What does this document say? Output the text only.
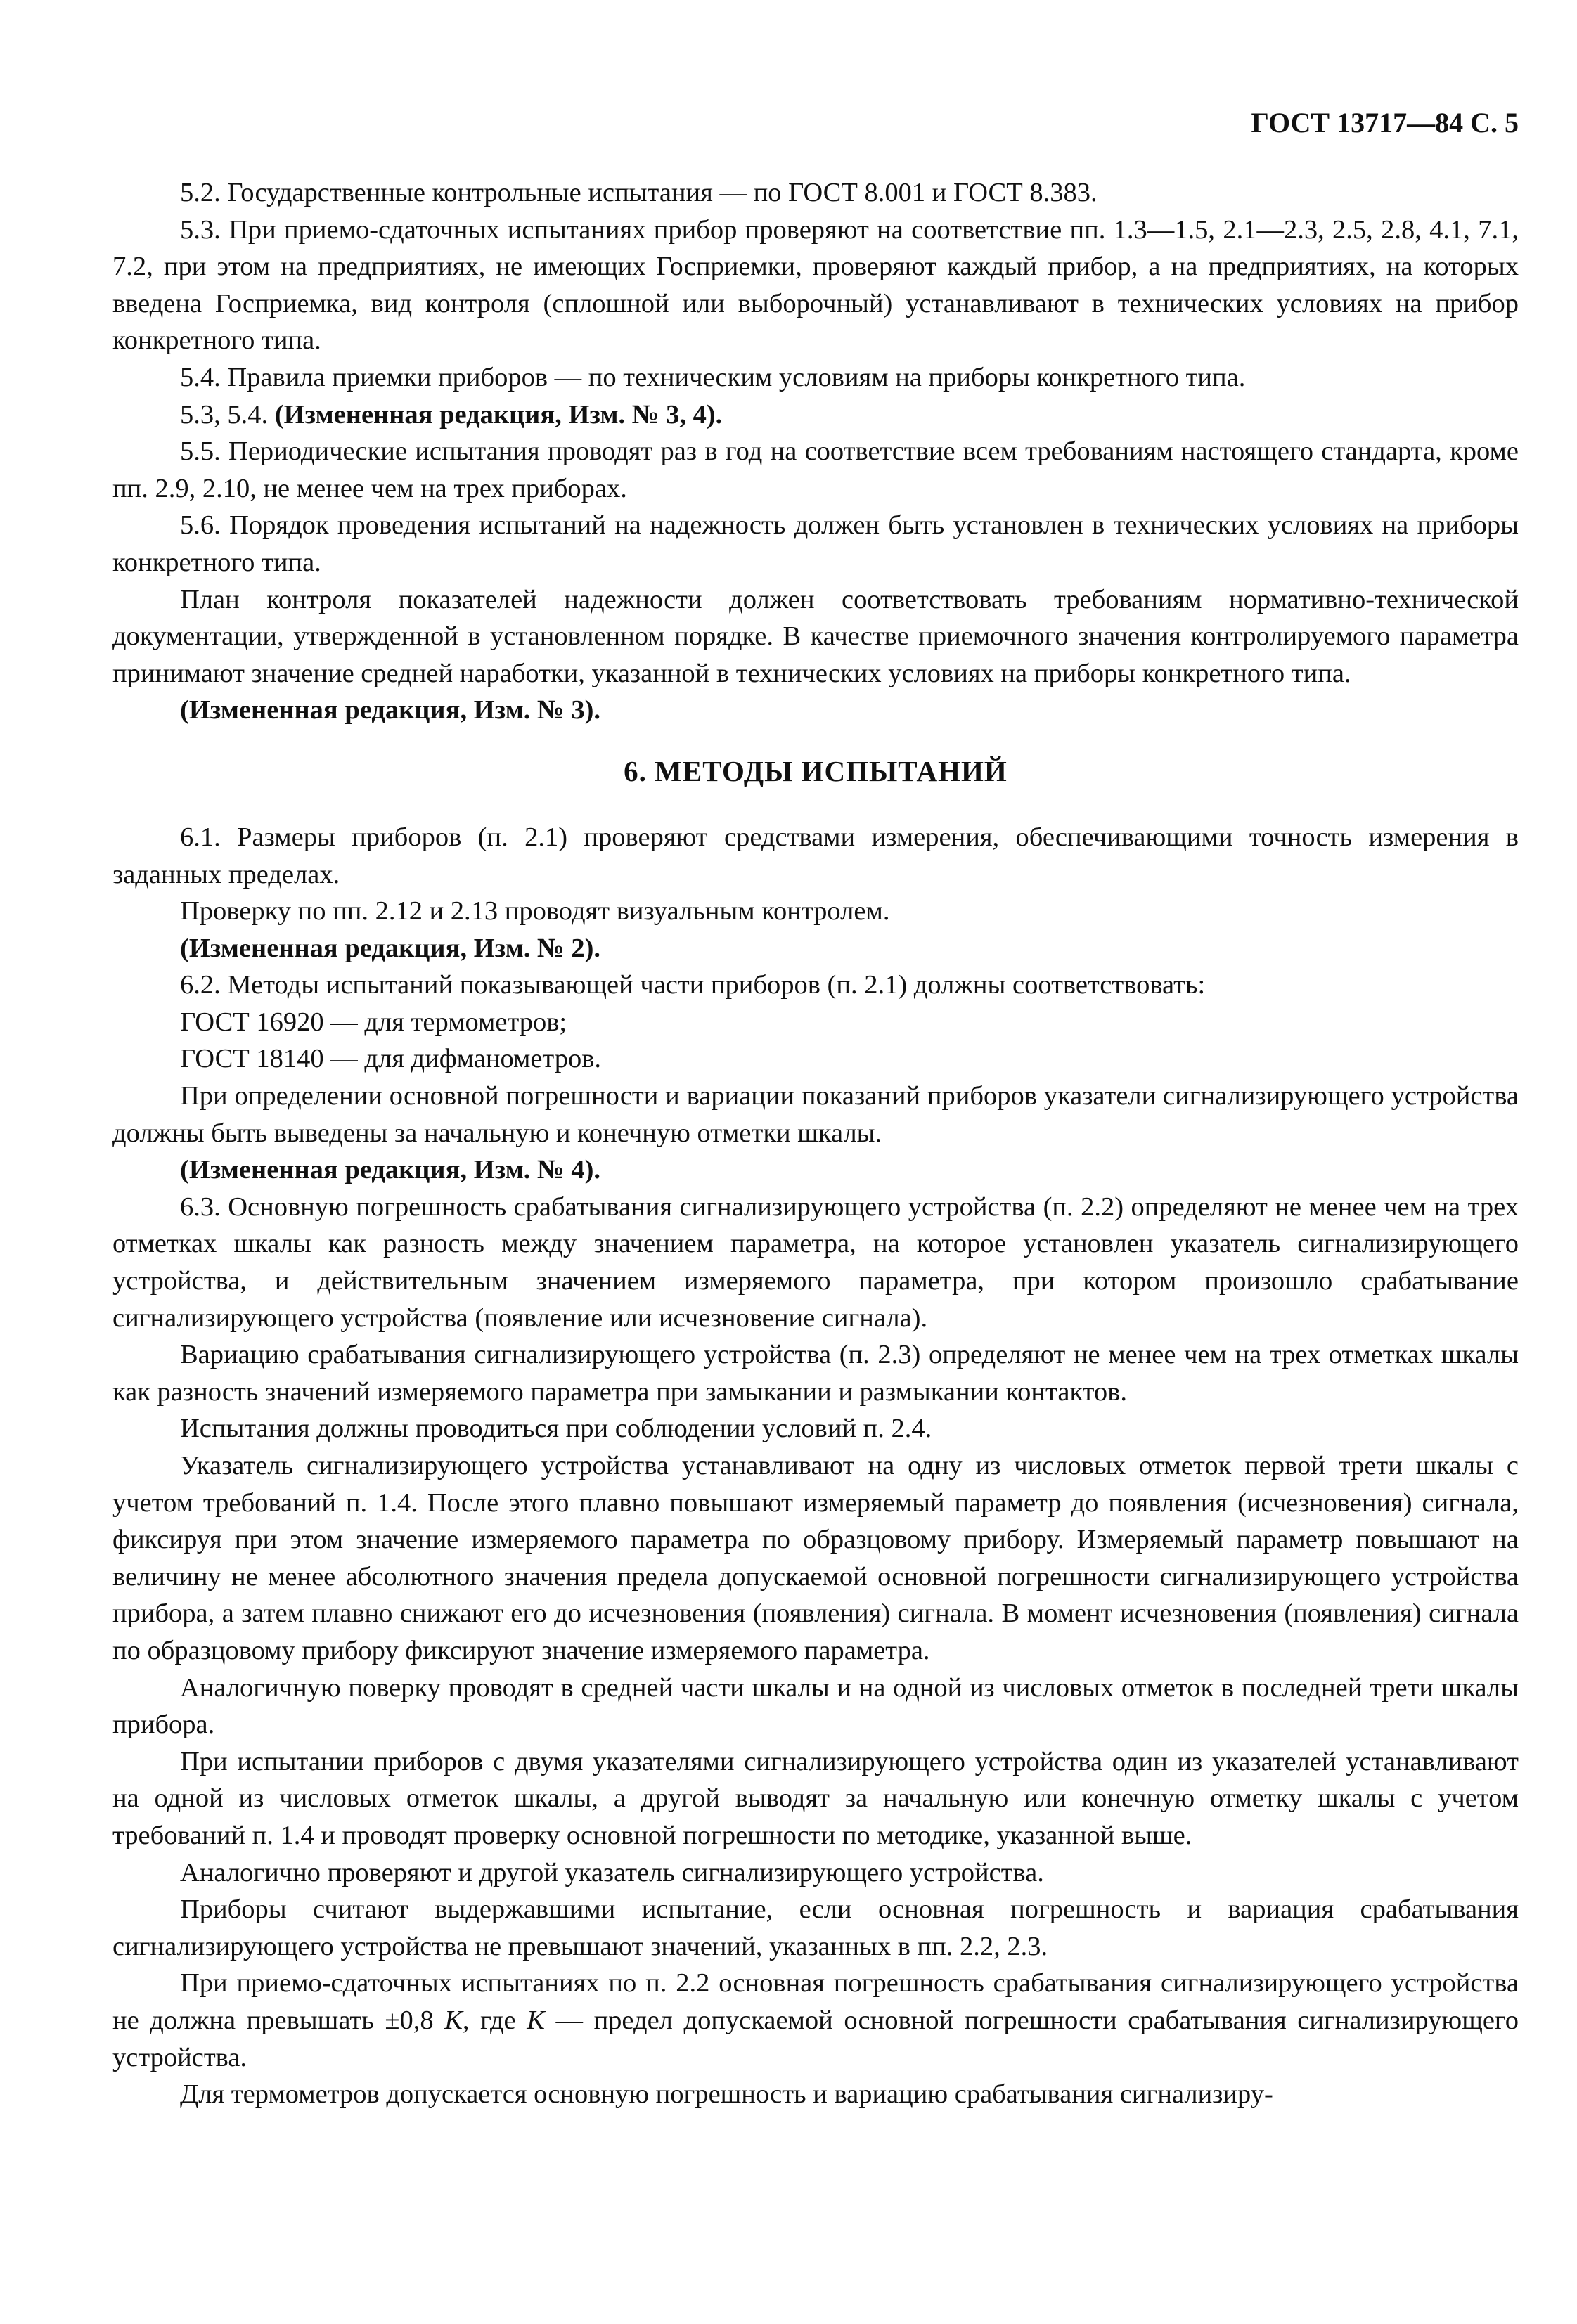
ГОСТ 13717—84 С. 5

5.2. Государственные контрольные испытания — по ГОСТ 8.001 и ГОСТ 8.383.

5.3. При приемо-сдаточных испытаниях прибор проверяют на соответствие пп. 1.3—1.5, 2.1—2.3, 2.5, 2.8, 4.1, 7.1, 7.2, при этом на предприятиях, не имеющих Госприемки, проверяют каждый прибор, а на предприятиях, на которых введена Госприемка, вид контроля (сплошной или выборочный) устанавливают в технических условиях на прибор конкретного типа.

5.4. Правила приемки приборов — по техническим условиям на приборы конкретного типа.

5.3, 5.4. (Измененная редакция, Изм. № 3, 4).

5.5. Периодические испытания проводят раз в год на соответствие всем требованиям настоящего стандарта, кроме пп. 2.9, 2.10, не менее чем на трех приборах.

5.6. Порядок проведения испытаний на надежность должен быть установлен в технических условиях на приборы конкретного типа.

План контроля показателей надежности должен соответствовать требованиям нормативно-технической документации, утвержденной в установленном порядке. В качестве приемочного значения контролируемого параметра принимают значение средней наработки, указанной в технических условиях на приборы конкретного типа.

(Измененная редакция, Изм. № 3).

6. МЕТОДЫ ИСПЫТАНИЙ

6.1. Размеры приборов (п. 2.1) проверяют средствами измерения, обеспечивающими точность измерения в заданных пределах.

Проверку по пп. 2.12 и 2.13 проводят визуальным контролем.

(Измененная редакция, Изм. № 2).

6.2. Методы испытаний показывающей части приборов (п. 2.1) должны соответствовать:

ГОСТ 16920 — для термометров;

ГОСТ 18140 — для дифманометров.

При определении основной погрешности и вариации показаний приборов указатели сигнализирующего устройства должны быть выведены за начальную и конечную отметки шкалы.

(Измененная редакция, Изм. № 4).

6.3. Основную погрешность срабатывания сигнализирующего устройства (п. 2.2) определяют не менее чем на трех отметках шкалы как разность между значением параметра, на которое установлен указатель сигнализирующего устройства, и действительным значением измеряемого параметра, при котором произошло срабатывание сигнализирующего устройства (появление или исчезновение сигнала).

Вариацию срабатывания сигнализирующего устройства (п. 2.3) определяют не менее чем на трех отметках шкалы как разность значений измеряемого параметра при замыкании и размыкании контактов.

Испытания должны проводиться при соблюдении условий п. 2.4.

Указатель сигнализирующего устройства устанавливают на одну из числовых отметок первой трети шкалы с учетом требований п. 1.4. После этого плавно повышают измеряемый параметр до появления (исчезновения) сигнала, фиксируя при этом значение измеряемого параметра по образцовому прибору. Измеряемый параметр повышают на величину не менее абсолютного значения предела допускаемой основной погрешности сигнализирующего устройства прибора, а затем плавно снижают его до исчезновения (появления) сигнала. В момент исчезновения (появления) сигнала по образцовому прибору фиксируют значение измеряемого параметра.

Аналогичную поверку проводят в средней части шкалы и на одной из числовых отметок в последней трети шкалы прибора.

При испытании приборов с двумя указателями сигнализирующего устройства один из указателей устанавливают на одной из числовых отметок шкалы, а другой выводят за начальную или конечную отметку шкалы с учетом требований п. 1.4 и проводят проверку основной погрешности по методике, указанной выше.

Аналогично проверяют и другой указатель сигнализирующего устройства.

Приборы считают выдержавшими испытание, если основная погрешность и вариация срабатывания сигнализирующего устройства не превышают значений, указанных в пп. 2.2, 2.3.

При приемо-сдаточных испытаниях по п. 2.2 основная погрешность срабатывания сигнализирующего устройства не должна превышать ±0,8 K, где K — предел допускаемой основной погрешности срабатывания сигнализирующего устройства.

Для термометров допускается основную погрешность и вариацию срабатывания сигнализиру-
